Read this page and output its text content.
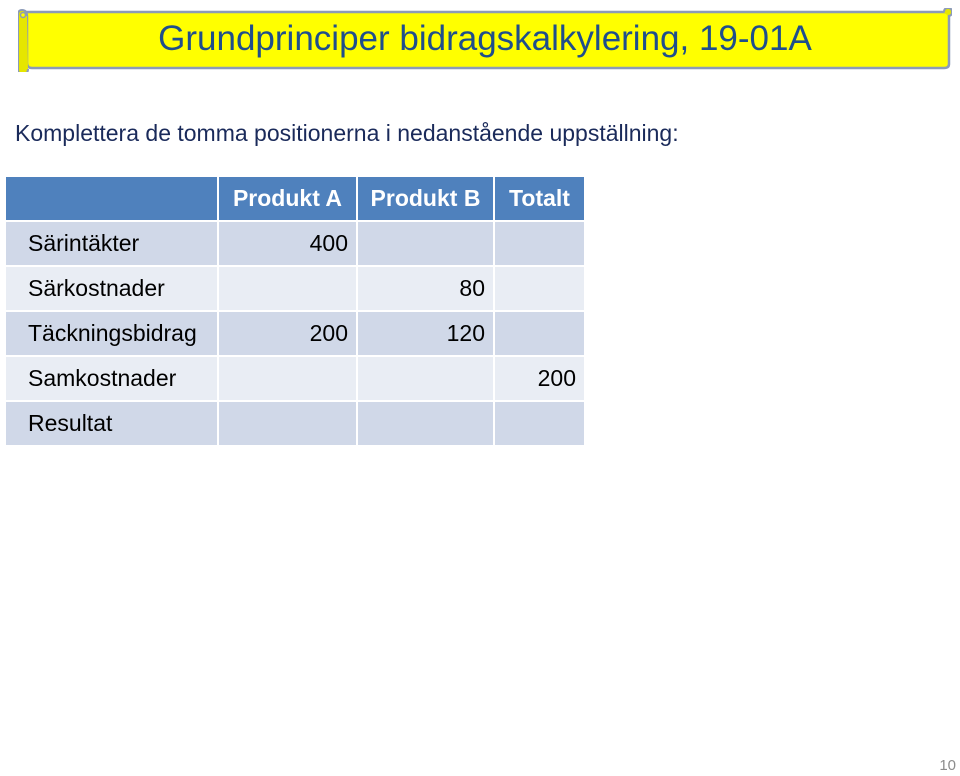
Grundprinciper bidragskalkylering, 19-01A
Komplettera de tomma positionerna i nedanstående uppställning:
	Produkt A	Produkt B	Totalt
Särintäkter	400		
Särkostnader		80	
Täckningsbidrag	200	120	
Samkostnader			200
Resultat			
10
